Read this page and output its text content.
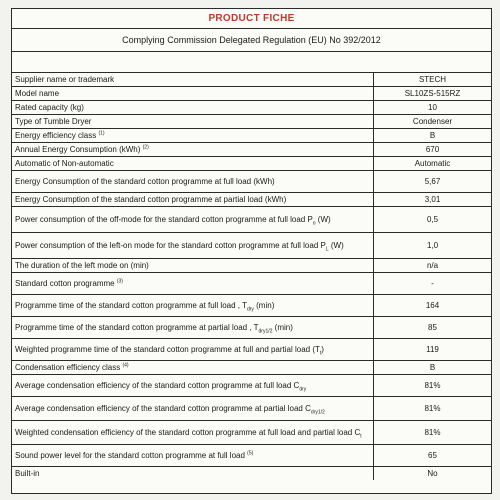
PRODUCT FICHE
Complying Commission Delegated Regulation (EU) No 392/2012
Supplier name or trademark	STECH
Model name	SL10ZS-515RZ
Rated capacity (kg)	10
Type of Tumble Dryer	Condenser
Energy efficiency class $^{(1)}$	B
Annual Energy Consumption (kWh) $^{(2)}$	670
Automatic of Non-automatic	Automatic
Energy Consumption of the standard cotton programme at full load (kWh)	5,67
Energy Consumption of the standard cotton programme at partial load (kWh)	3,01
Power consumption of the off-mode for the standard cotton programme at full load $P_o$ (W)	0,5
Power consumption of the left-on mode for the standard cotton programme at full load $P_L$ (W)	1,0
The duration of the left mode on (min)	n/a
Standard cotton programme $^{(3)}$	-
Programme time of the standard cotton programme at full load , $T_{dry}$ (min)	164
Programme time of the standard cotton programme at partial load , $T_{dry1/2}$ (min)	85
Weighted programme time of the standard cotton programme at full and partial load $(T_t)$	119
Condensation efficiency class $^{(4)}$	B
Average condensation efficiency of the standard cotton programme at full load $C_{dry}$	81%
Average condensation efficiency of the standard cotton programme at partial load $C_{dry1/2}$	81%
Weighted condensation efficiency of the standard cotton programme at full load and partial load $C_t$	81%
Sound power level for the standard cotton programme at full load $^{(5)}$	65
Built-in	No
